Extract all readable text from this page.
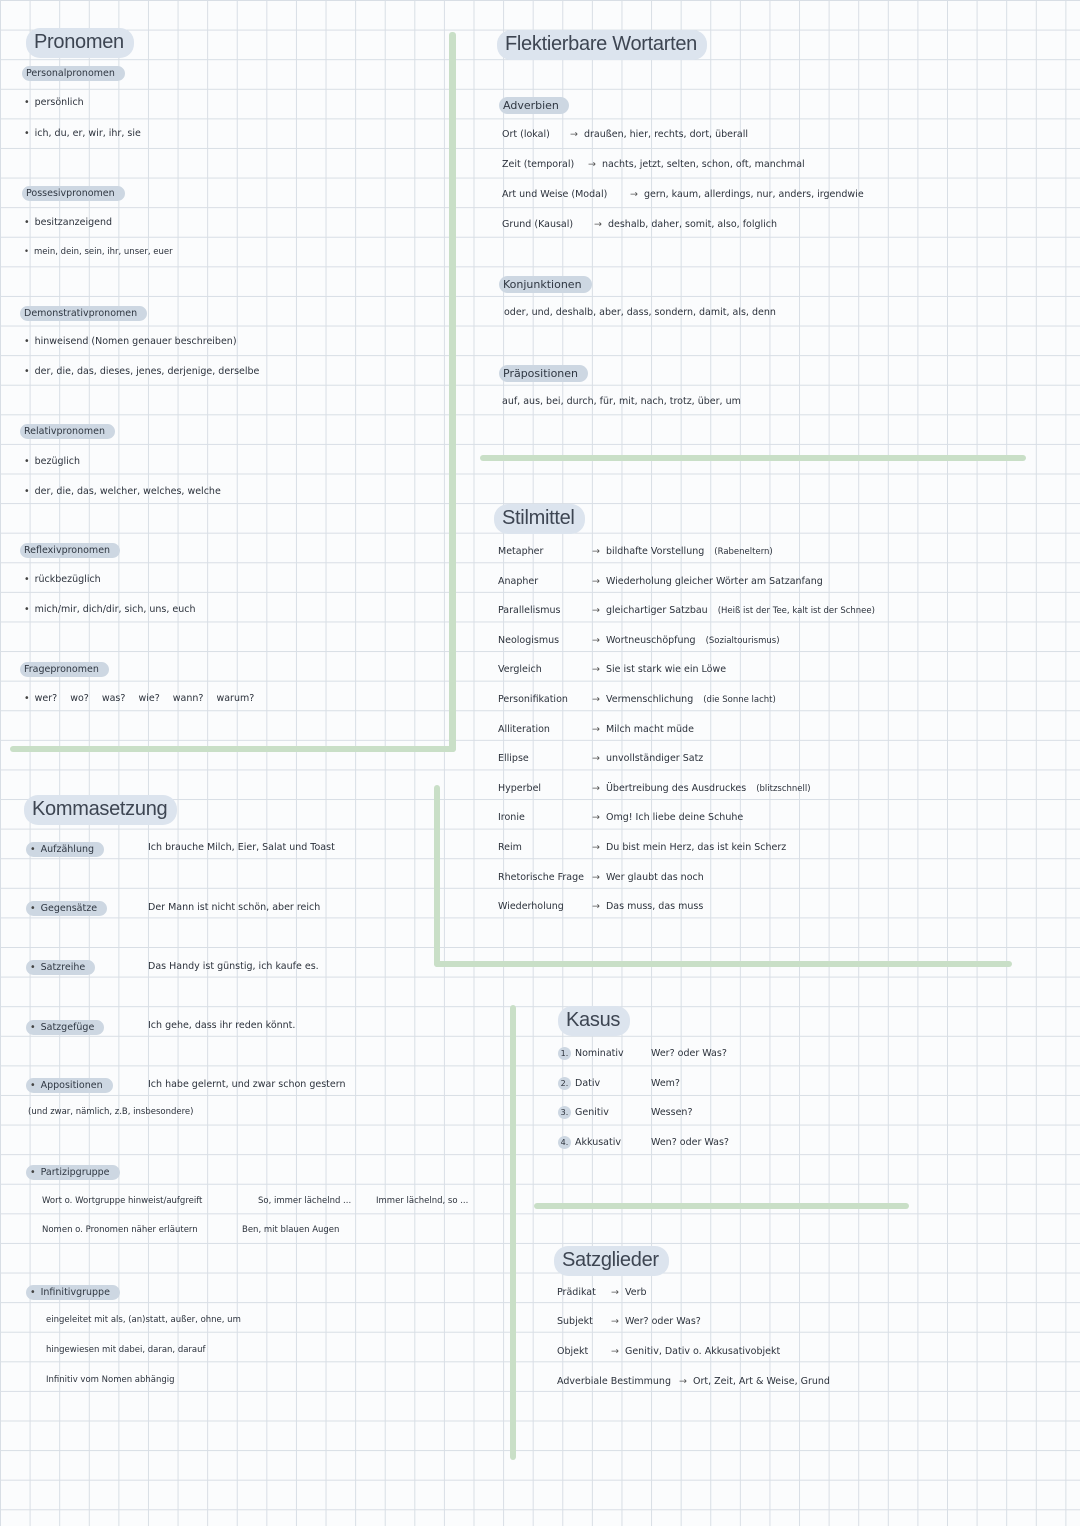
Pronomen
Personalpronomen
• persönlich
• ich, du, er, wir, ihr, sie
Possesivpronomen
• besitzanzeigend
• mein, dein, sein, ihr, unser, euer
Demonstrativpronomen
• hinweisend (Nomen genauer beschreiben)
• der, die, das, dieses, jenes, derjenige, derselbe
Relativpronomen
• bezüglich
• der, die, das, welcher, welches, welche
Reflexivpronomen
• rückbezüglich
• mich/mir, dich/dir, sich, uns, euch
Fragepronomen
• wer? wo? was? wie? wann? warum?
Flektierbare Wortarten
Adverbien
Ort (lokal) → draußen, hier, rechts, dort, überall
Zeit (temporal) → nachts, jetzt, selten, schon, oft, manchmal
Art und Weise (Modal) → gern, kaum, allerdings, nur, anders, irgendwie
Grund (Kausal) → deshalb, daher, somit, also, folglich
Konjunktionen
oder, und, deshalb, aber, dass, sondern, damit, als, denn
Präpositionen
auf, aus, bei, durch, für, mit, nach, trotz, über, um
Stilmittel
Metapher	→ bildhafte Vorstellung (Rabeneltern)
Anapher	→ Wiederholung gleicher Wörter am Satzanfang
Parallelismus	→ gleichartiger Satzbau (Heiß ist der Tee, kalt ist der Schnee)
Neologismus	→ Wortneuschöpfung (Sozialtourismus)
Vergleich	→ Sie ist stark wie ein Löwe
Personifikation	→ Vermenschlichung (die Sonne lacht)
Alliteration	→ Milch macht müde
Ellipse	→ unvollständiger Satz
Hyperbel	→ Übertreibung des Ausdruckes (blitzschnell)
Ironie	→ Omg! Ich liebe deine Schuhe
Reim	→ Du bist mein Herz, das ist kein Scherz
Rhetorische Frage → Wer glaubt das noch
Wiederholung	→ Das muss, das muss
Kommasetzung
• Aufzählung	Ich brauche Milch, Eier, Salat und Toast
• Gegensätze	Der Mann ist nicht schön, aber reich
• Satzreihe	Das Handy ist günstig, ich kaufe es.
• Satzgefüge	Ich gehe, dass ihr reden könnt.
• Appositionen	Ich habe gelernt, und zwar schon gestern
(und zwar, nämlich, z.B, insbesondere)
• Partizipgruppe
Wort o. Wortgruppe hinweist/aufgreift	So, immer lächelnd ...	Immer lächelnd, so ...
Nomen o. Pronomen näher erläutern	Ben, mit blauen Augen
• Infinitivgruppe
eingeleitet mit als, (an)statt, außer, ohne, um
hingewiesen mit dabei, daran, darauf
Infinitiv vom Nomen abhängig
Kasus
1. Nominativ	Wer? oder Was?
2. Dativ	Wem?
3. Genitiv	Wessen?
4. Akkusativ	Wen? oder Was?
Satzglieder
Prädikat → Verb
Subjekt → Wer? oder Was?
Objekt → Genitiv, Dativ o. Akkusativobjekt
Adverbiale Bestimmung → Ort, Zeit, Art & Weise, Grund
